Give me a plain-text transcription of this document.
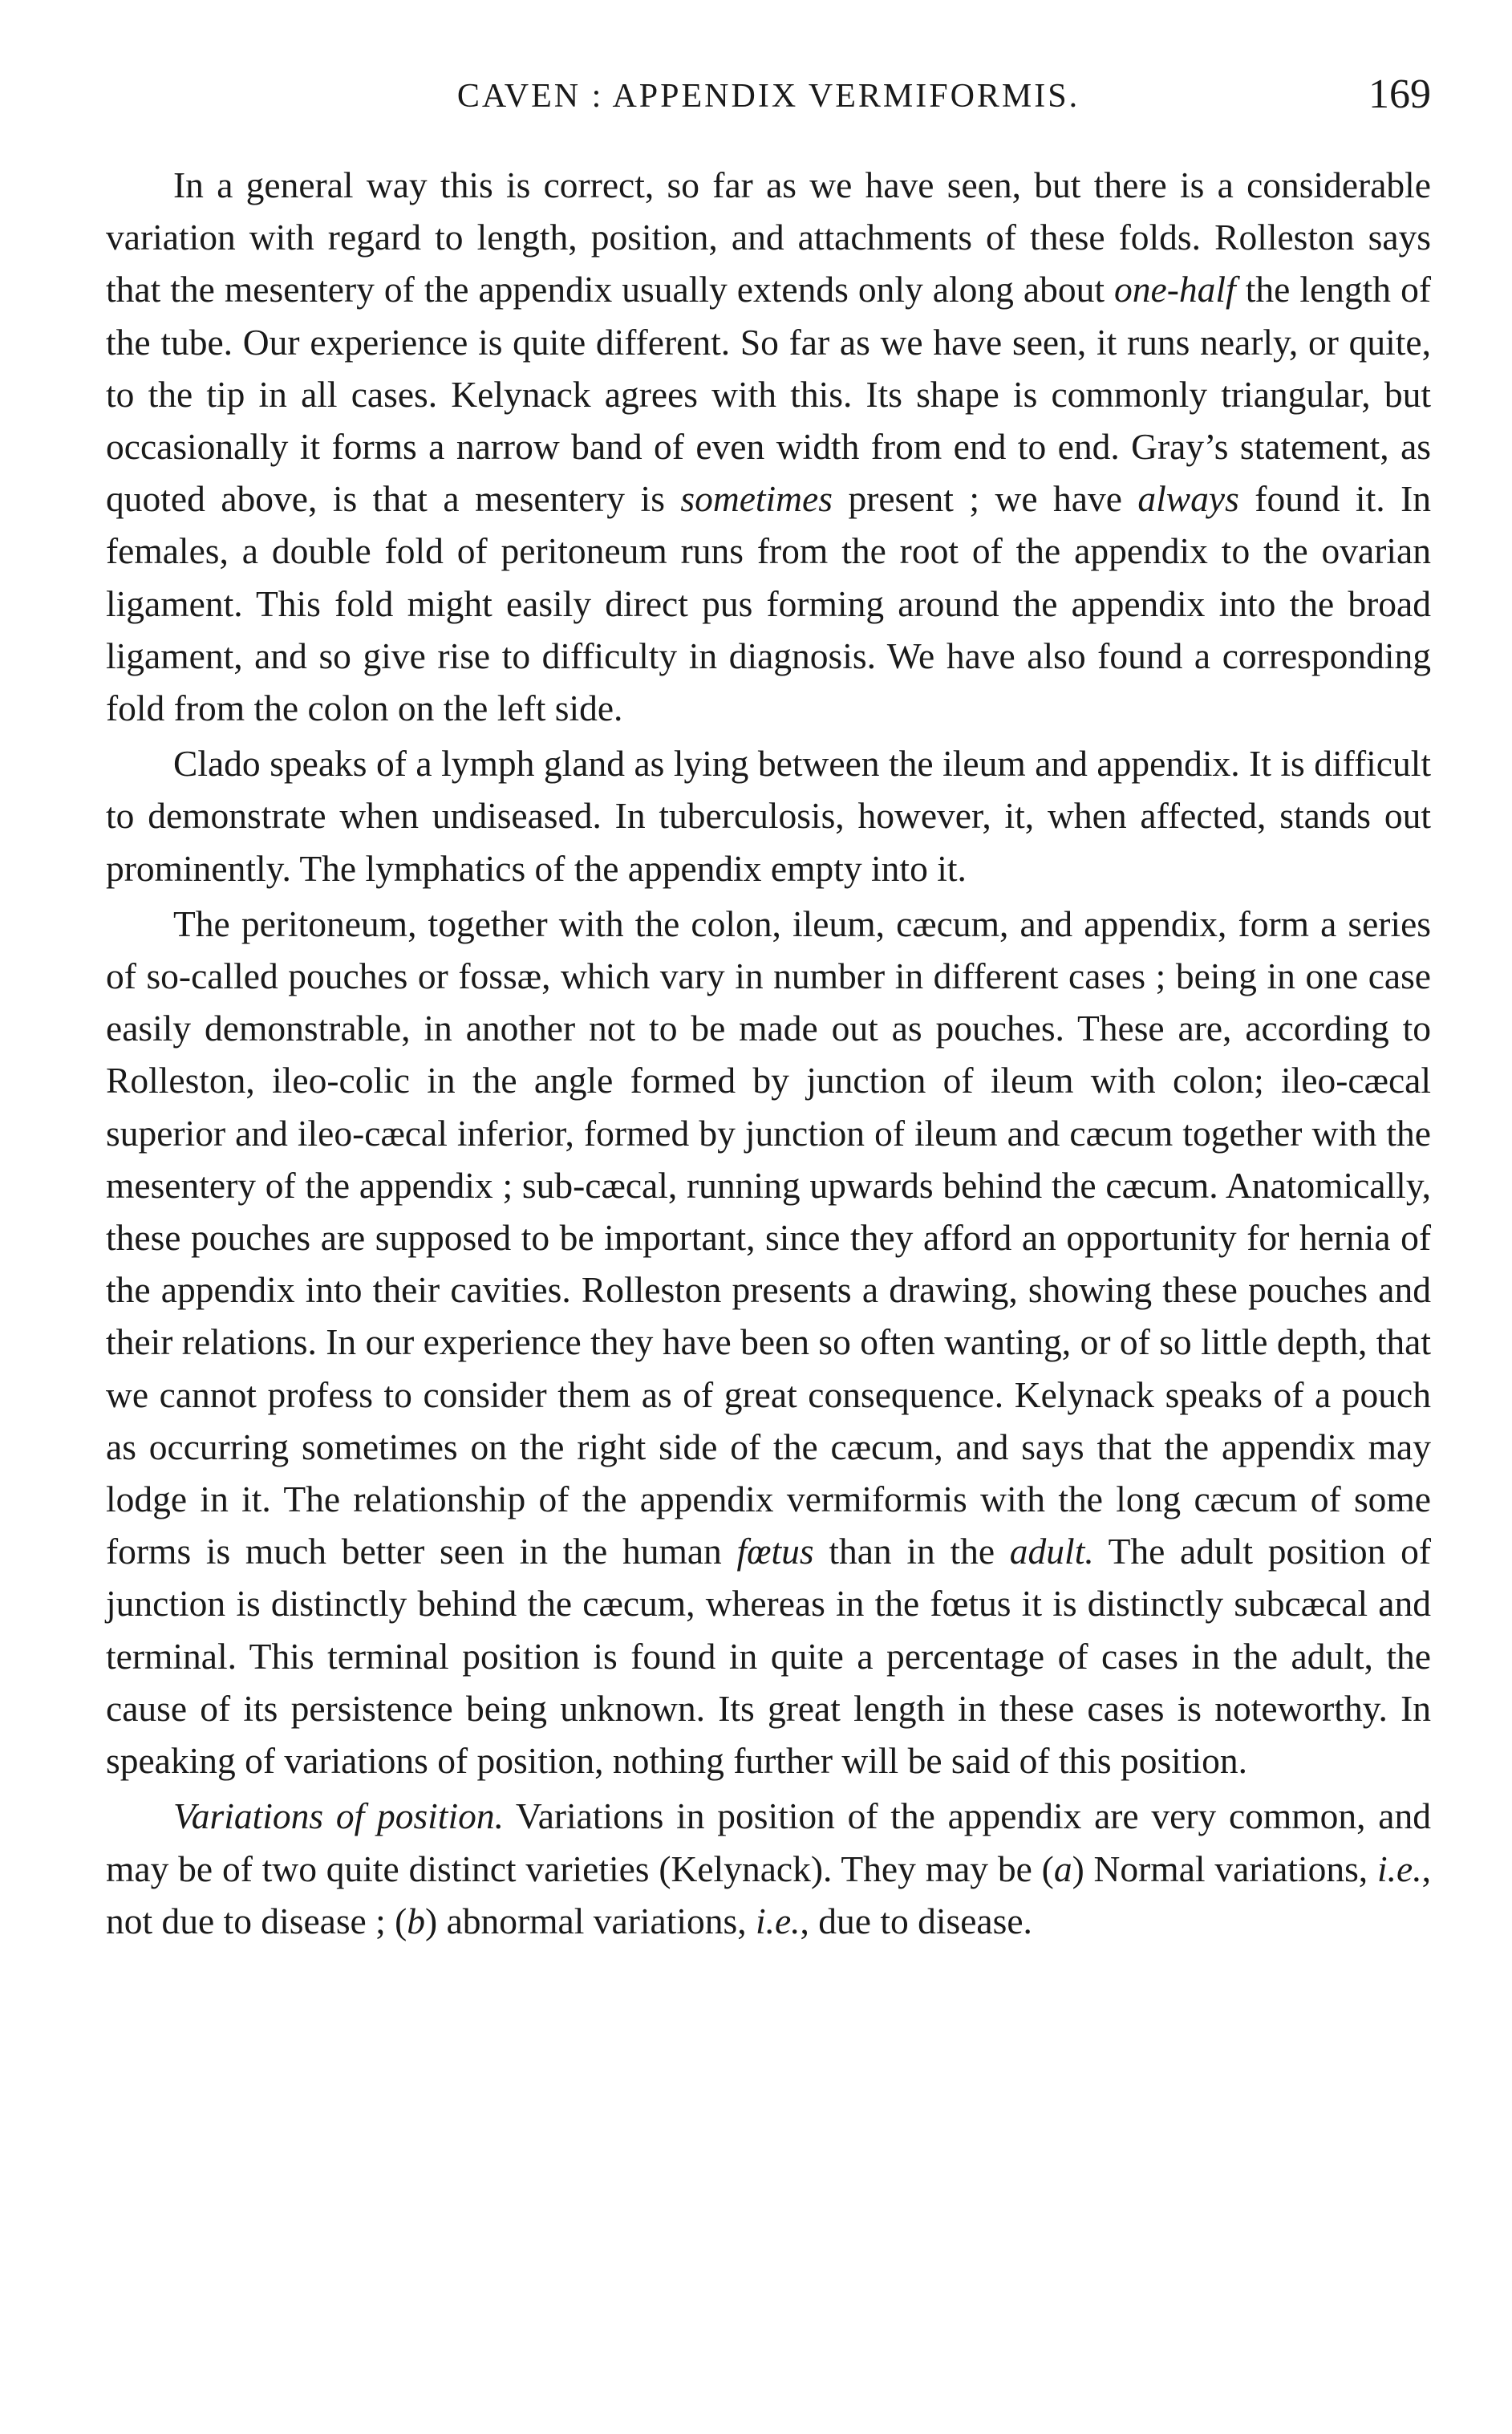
CAVEN : APPENDIX VERMIFORMIS.	169

In a general way this is correct, so far as we have seen, but there is a considerable variation with regard to length, position, and attachments of these folds. Rolleston says that the mesentery of the appendix usually extends only along about one-half the length of the tube. Our experience is quite different. So far as we have seen, it runs nearly, or quite, to the tip in all cases. Kelynack agrees with this. Its shape is commonly triangular, but occasionally it forms a narrow band of even width from end to end. Gray’s statement, as quoted above, is that a mesentery is sometimes present ; we have always found it. In females, a double fold of peritoneum runs from the root of the appendix to the ovarian ligament. This fold might easily direct pus forming around the appendix into the broad ligament, and so give rise to difficulty in diagnosis. We have also found a corresponding fold from the colon on the left side.

Clado speaks of a lymph gland as lying between the ileum and appendix. It is difficult to demonstrate when undiseased. In tuberculosis, however, it, when affected, stands out prominently. The lymphatics of the appendix empty into it.

The peritoneum, together with the colon, ileum, cæcum, and appendix, form a series of so-called pouches or fossæ, which vary in number in different cases ; being in one case easily demonstrable, in another not to be made out as pouches. These are, according to Rolleston, ileo-colic in the angle formed by junction of ileum with colon; ileo-cæcal superior and ileo-cæcal inferior, formed by junction of ileum and cæcum together with the mesentery of the appendix ; sub-cæcal, running upwards behind the cæcum. Anatomically, these pouches are supposed to be important, since they afford an opportunity for hernia of the appendix into their cavities. Rolleston presents a drawing, showing these pouches and their relations. In our experience they have been so often wanting, or of so little depth, that we cannot profess to consider them as of great consequence. Kelynack speaks of a pouch as occurring sometimes on the right side of the cæcum, and says that the appendix may lodge in it. The relationship of the appendix vermiformis with the long cæcum of some forms is much better seen in the human fœtus than in the adult. The adult position of junction is distinctly behind the cæcum, whereas in the fœtus it is distinctly subcæcal and terminal. This terminal position is found in quite a percentage of cases in the adult, the cause of its persistence being unknown. Its great length in these cases is noteworthy. In speaking of variations of position, nothing further will be said of this position.

Variations of position. Variations in position of the appendix are very common, and may be of two quite distinct varieties (Kelynack). They may be (a) Normal variations, i.e., not due to disease ; (b) abnormal variations, i.e., due to disease.
